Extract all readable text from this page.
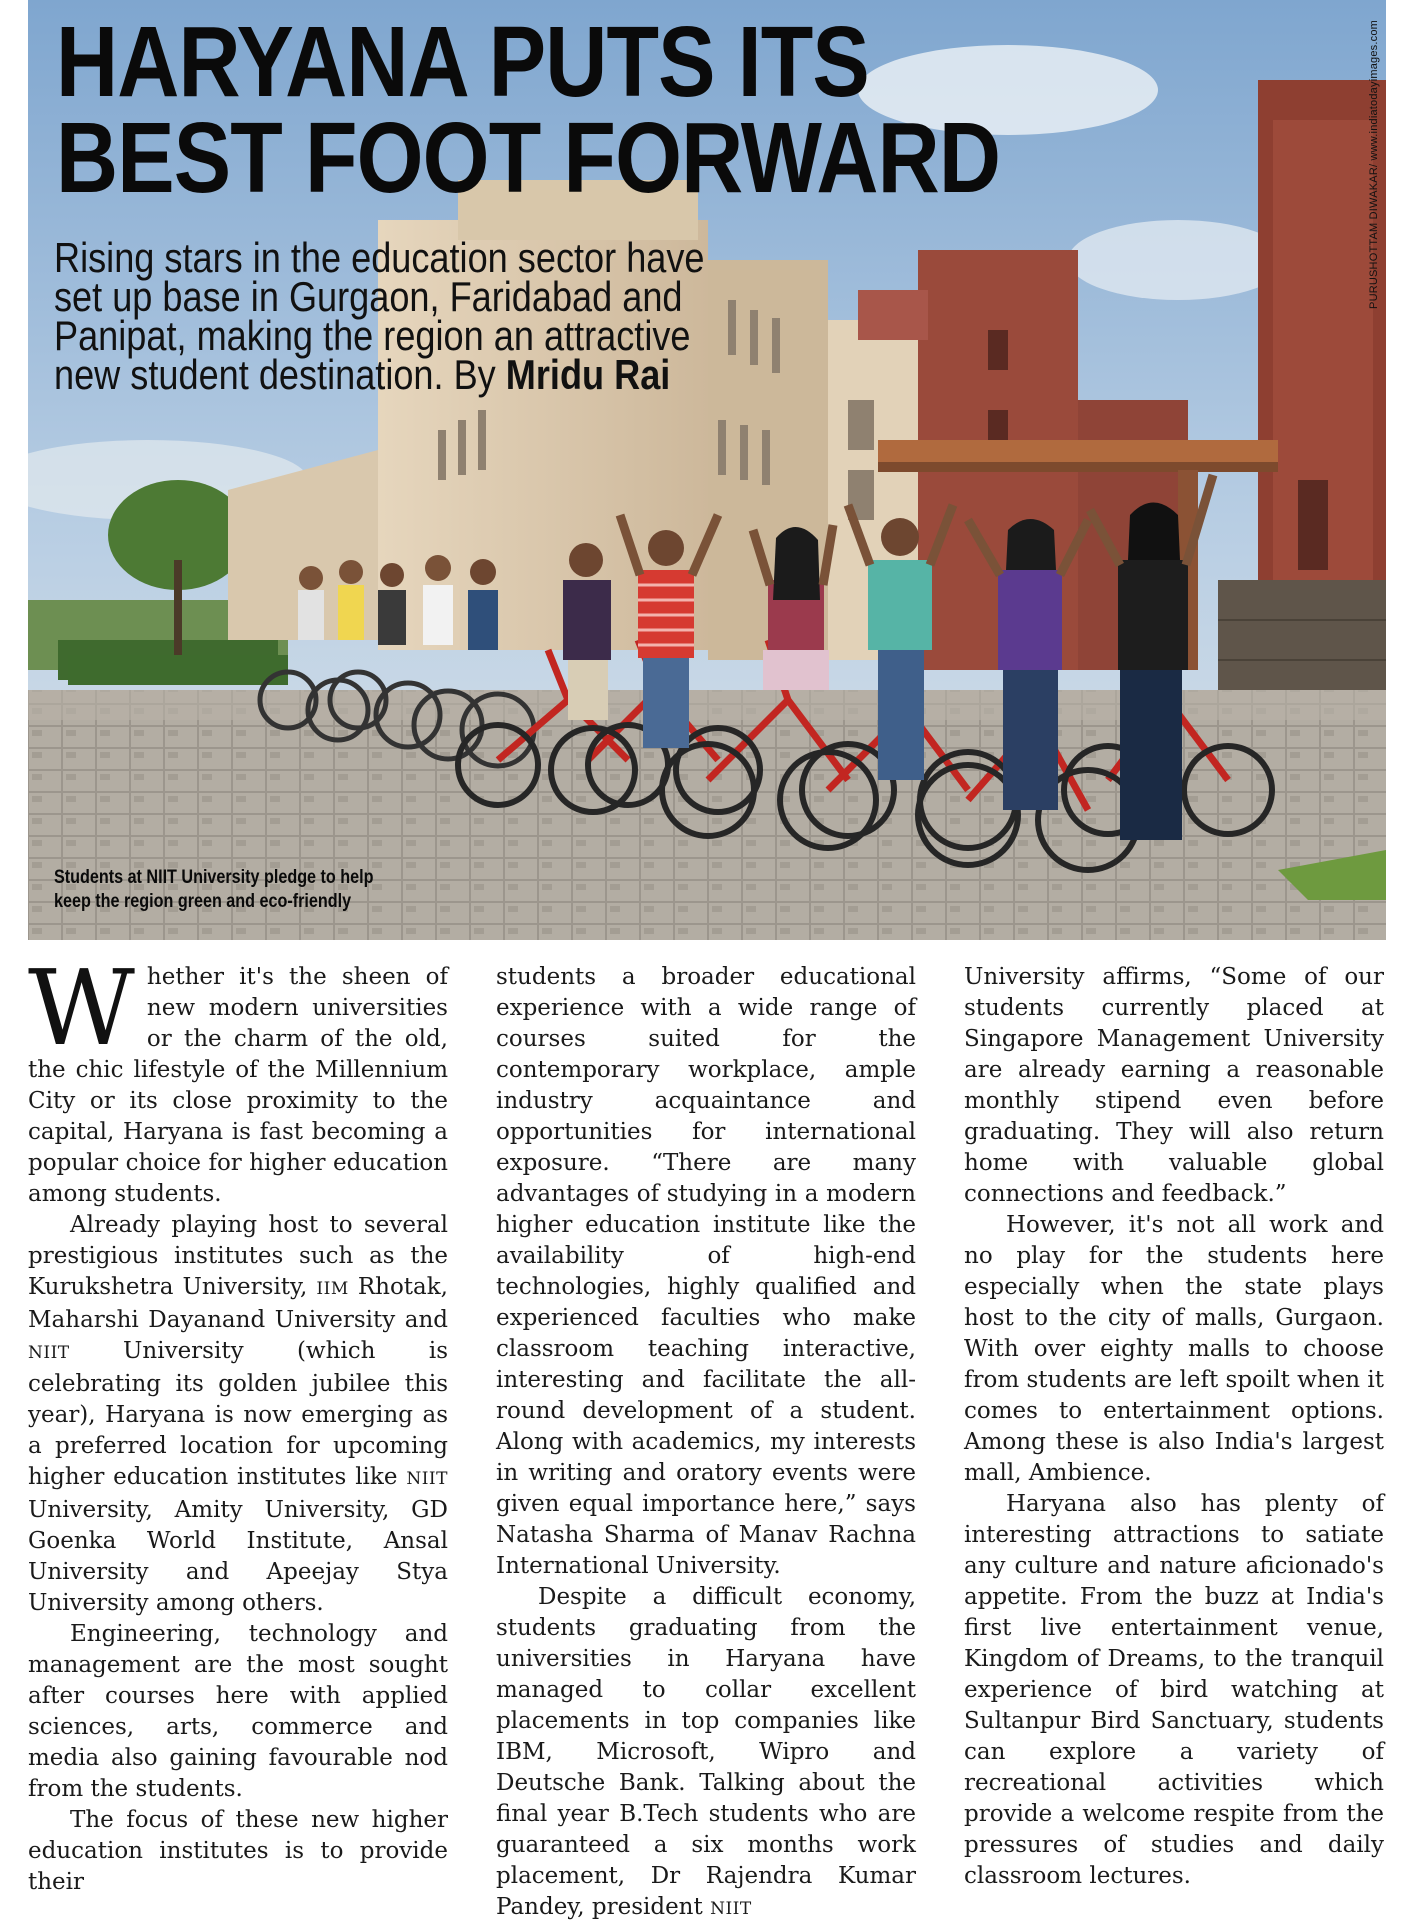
PURUSHOTTAM DIWAKAR/ www.indiatodayimages.com
HARYANA PUTS ITS
BEST FOOT FORWARD

Rising stars in the education sector have set up base in Gurgaon, Faridabad and Panipat, making the region an attractive new student destination. By Mridu Rai

Students at NIIT University pledge to help keep the region green and eco-friendly

Whether it's the sheen of new modern universities or the charm of the old, the chic lifestyle of the Millennium City or its close proximity to the capital, Haryana is fast becoming a popular choice for higher education among students.

Already playing host to several prestigious institutes such as the Kurukshetra University, IIM Rhotak, Maharshi Dayanand University and NIIT University (which is celebrating its golden jubilee this year), Haryana is now emerging as a preferred location for upcoming higher education institutes like NIIT University, Amity University, GD Goenka World Institute, Ansal University and Apeejay Stya University among others.

Engineering, technology and management are the most sought after courses here with applied sciences, arts, commerce and media also gaining favourable nod from the students.

The focus of these new higher education institutes is to provide their

students a broader educational experience with a wide range of courses suited for the contemporary workplace, ample industry acquaintance and opportunities for international exposure. “There are many advantages of studying in a modern higher education institute like the availability of high-end technologies, highly qualified and experienced faculties who make classroom teaching interactive, interesting and facilitate the all-round development of a student. Along with academics, my interests in writing and oratory events were given equal importance here,” says Natasha Sharma of Manav Rachna International University.

Despite a difficult economy, students graduating from the universities in Haryana have managed to collar excellent placements in top companies like IBM, Microsoft, Wipro and Deutsche Bank. Talking about the final year B.Tech students who are guaranteed a six months work placement, Dr Rajendra Kumar Pandey, president NIIT

University affirms, “Some of our students currently placed at Singapore Management University are already earning a reasonable monthly stipend even before graduating. They will also return home with valuable global connections and feedback.”

However, it's not all work and no play for the students here especially when the state plays host to the city of malls, Gurgaon. With over eighty malls to choose from students are left spoilt when it comes to entertainment options. Among these is also India's largest mall, Ambience.

Haryana also has plenty of interesting attractions to satiate any culture and nature aficionado's appetite. From the buzz at India's first live entertainment venue, Kingdom of Dreams, to the tranquil experience of bird watching at Sultanpur Bird Sanctuary, students can explore a variety of recreational activities which provide a welcome respite from the pressures of studies and daily classroom lectures.
